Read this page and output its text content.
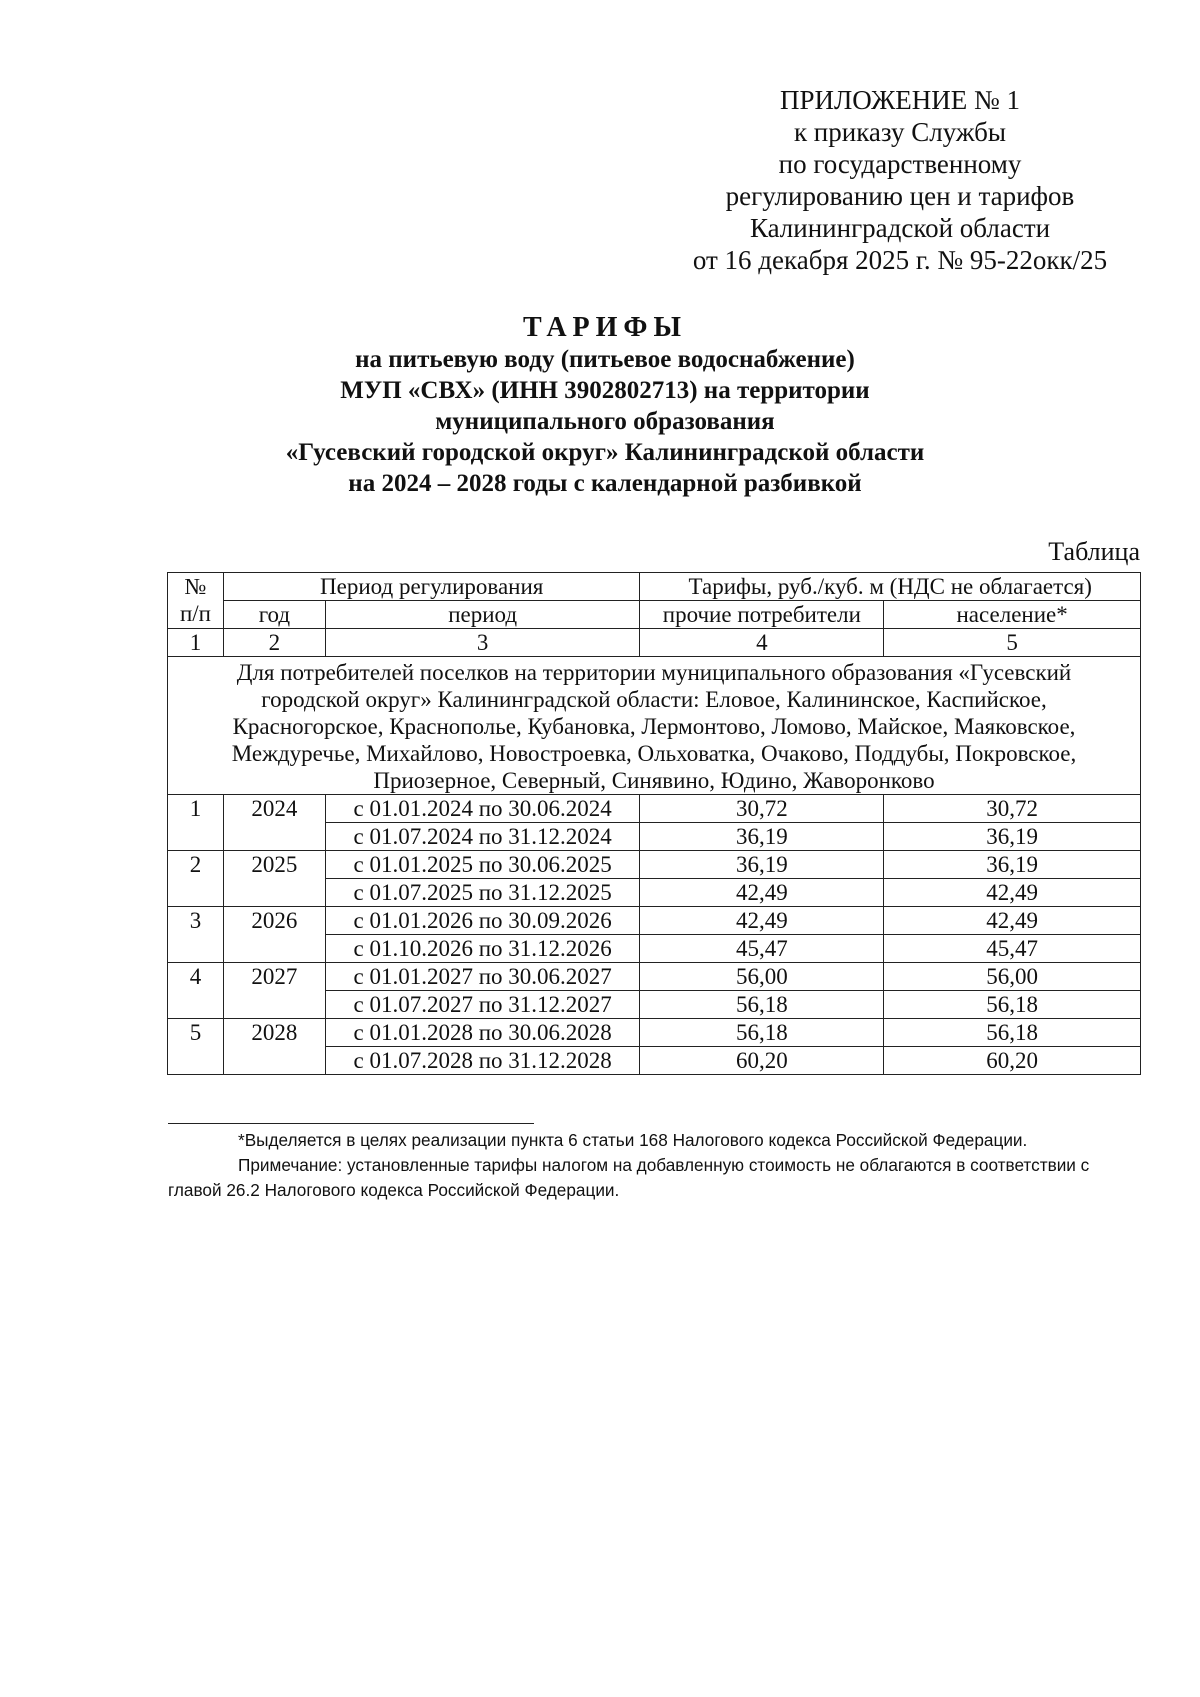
ПРИЛОЖЕНИЕ № 1
к приказу Службы
по государственному
регулированию цен и тарифов
Калининградской области
от 16 декабря 2025 г. № 95-22окк/25
ТАРИФЫ
на питьевую воду (питьевое водоснабжение)
МУП «СВХ» (ИНН 3902802713) на территории
муниципального образования
«Гусевский городской округ» Калининградской области
на 2024 – 2028 годы с календарной разбивкой
Таблица
№
п/п	Период регулирования		Тарифы, руб./куб. м (НДС не облагается)	
	год	период	прочие потребители	население*
1	2	3	4	5
Для потребителей поселков на территории муниципального образования «Гусевский городской округ» Калининградской области: Еловое, Калининское, Каспийское, Красногорское, Краснополье, Кубановка, Лермонтово, Ломово, Майское, Маяковское, Междуречье, Михайлово, Новостроевка, Ольховатка, Очаково, Поддубы, Покровское, Приозерное, Северный, Синявино, Юдино, Жаворонково				
1	2024	с 01.01.2024 по 30.06.2024	30,72	30,72
		с 01.07.2024 по 31.12.2024	36,19	36,19
2	2025	с 01.01.2025 по 30.06.2025	36,19	36,19
		с 01.07.2025 по 31.12.2025	42,49	42,49
3	2026	с 01.01.2026 по 30.09.2026	42,49	42,49
		с 01.10.2026 по 31.12.2026	45,47	45,47
4	2027	с 01.01.2027 по 30.06.2027	56,00	56,00
		с 01.07.2027 по 31.12.2027	56,18	56,18
5	2028	с 01.01.2028 по 30.06.2028	56,18	56,18
		с 01.07.2028 по 31.12.2028	60,20	60,20
*Выделяется в целях реализации пункта 6 статьи 168 Налогового кодекса Российской Федерации.
Примечание: установленные тарифы налогом на добавленную стоимость не облагаются в соответствии с главой 26.2 Налогового кодекса Российской Федерации.
